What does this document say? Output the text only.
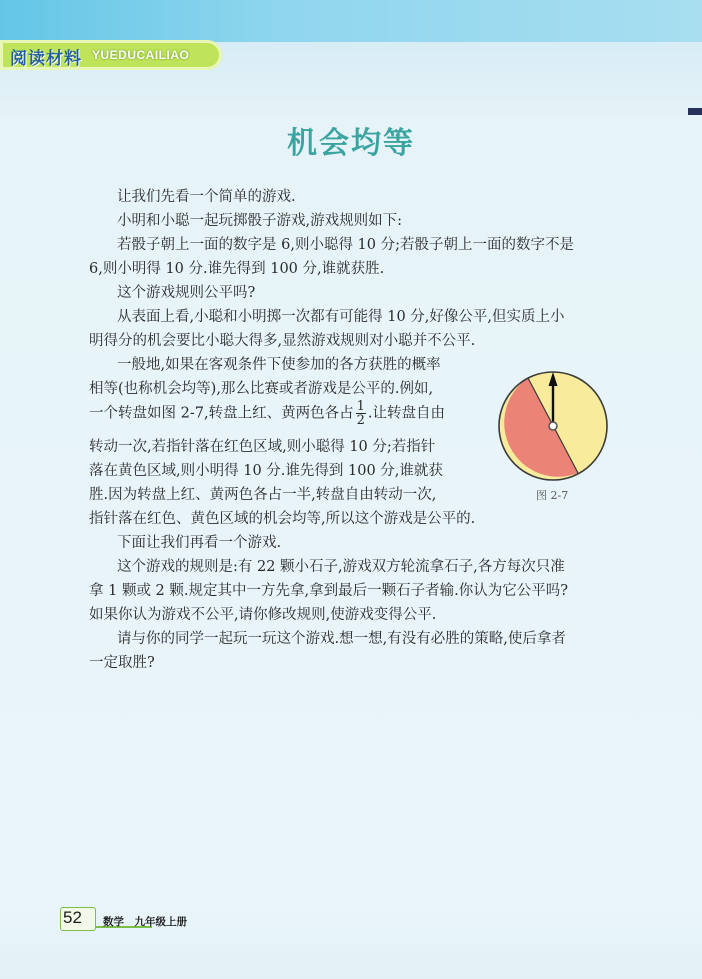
阅读材料 YUEDUCAILIAO
机会均等
让我们先看一个简单的游戏.
小明和小聪一起玩掷骰子游戏,游戏规则如下:
若骰子朝上一面的数字是 6,则小聪得 10 分;若骰子朝上一面的数字不是
6,则小明得 10 分.谁先得到 100 分,谁就获胜.
这个游戏规则公平吗?
从表面上看,小聪和小明掷一次都有可能得 10 分,好像公平,但实质上小
明得分的机会要比小聪大得多,显然游戏规则对小聪并不公平.
一般地,如果在客观条件下使参加的各方获胜的概率
相等(也称机会均等),那么比赛或者游戏是公平的.例如,
一个转盘如图 2-7,转盘上红、黄两色各占 $\frac{1}{2}$ .让转盘自由
转动一次,若指针落在红色区域,则小聪得 10 分;若指针
落在黄色区域,则小明得 10 分.谁先得到 100 分,谁就获
胜.因为转盘上红、黄两色各占一半,转盘自由转动一次,
指针落在红色、黄色区域的机会均等,所以这个游戏是公平的.
下面让我们再看一个游戏.
这个游戏的规则是:有 22 颗小石子,游戏双方轮流拿石子,各方每次只准
拿 1 颗或 2 颗.规定其中一方先拿,拿到最后一颗石子者输.你认为它公平吗?
如果你认为游戏不公平,请你修改规则,使游戏变得公平.
请与你的同学一起玩一玩这个游戏.想一想,有没有必胜的策略,使后拿者
一定取胜?
图 2-7
52 数学　九年级上册
